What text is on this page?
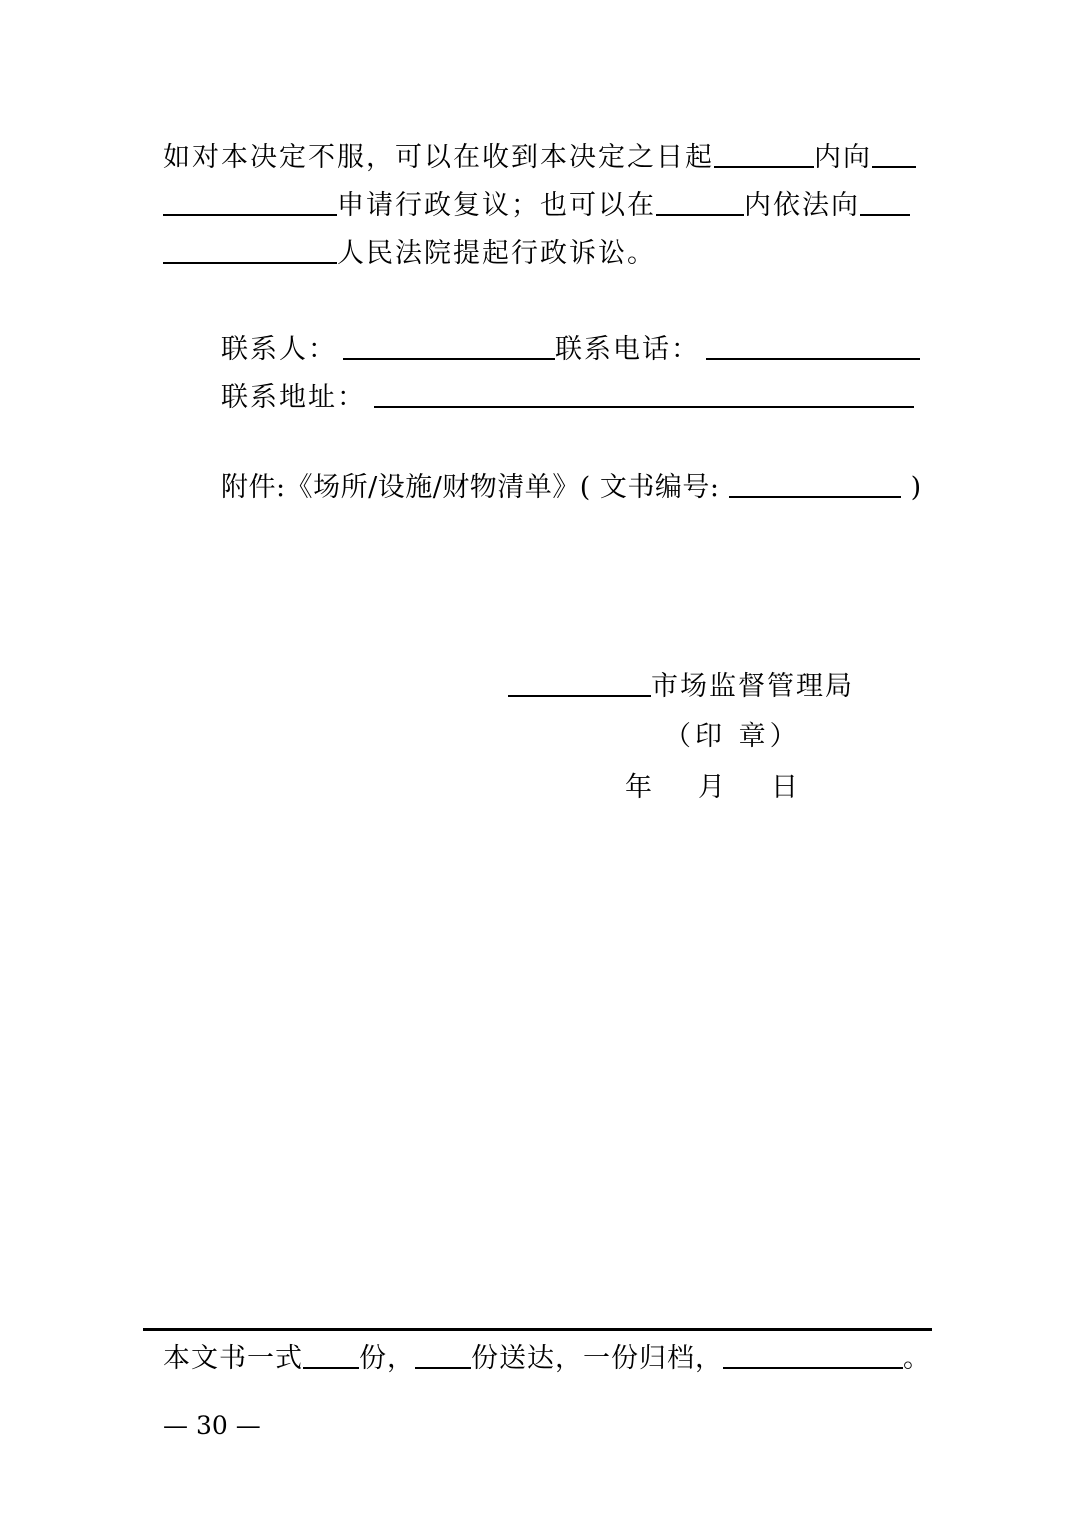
如对本决定不服，可以在收到本决定之日起	内向
申请行政复议；也可以在	内依法向
人民法院提起行政诉讼。
联系人：	联系电话：
联系地址：
附件:《场所/设施/财物清单》( 文书编号:	)
市场监督管理局
（印 章）
年 月 日
本文书一式 份， 份送达，一份归档，	。
— 30 —
